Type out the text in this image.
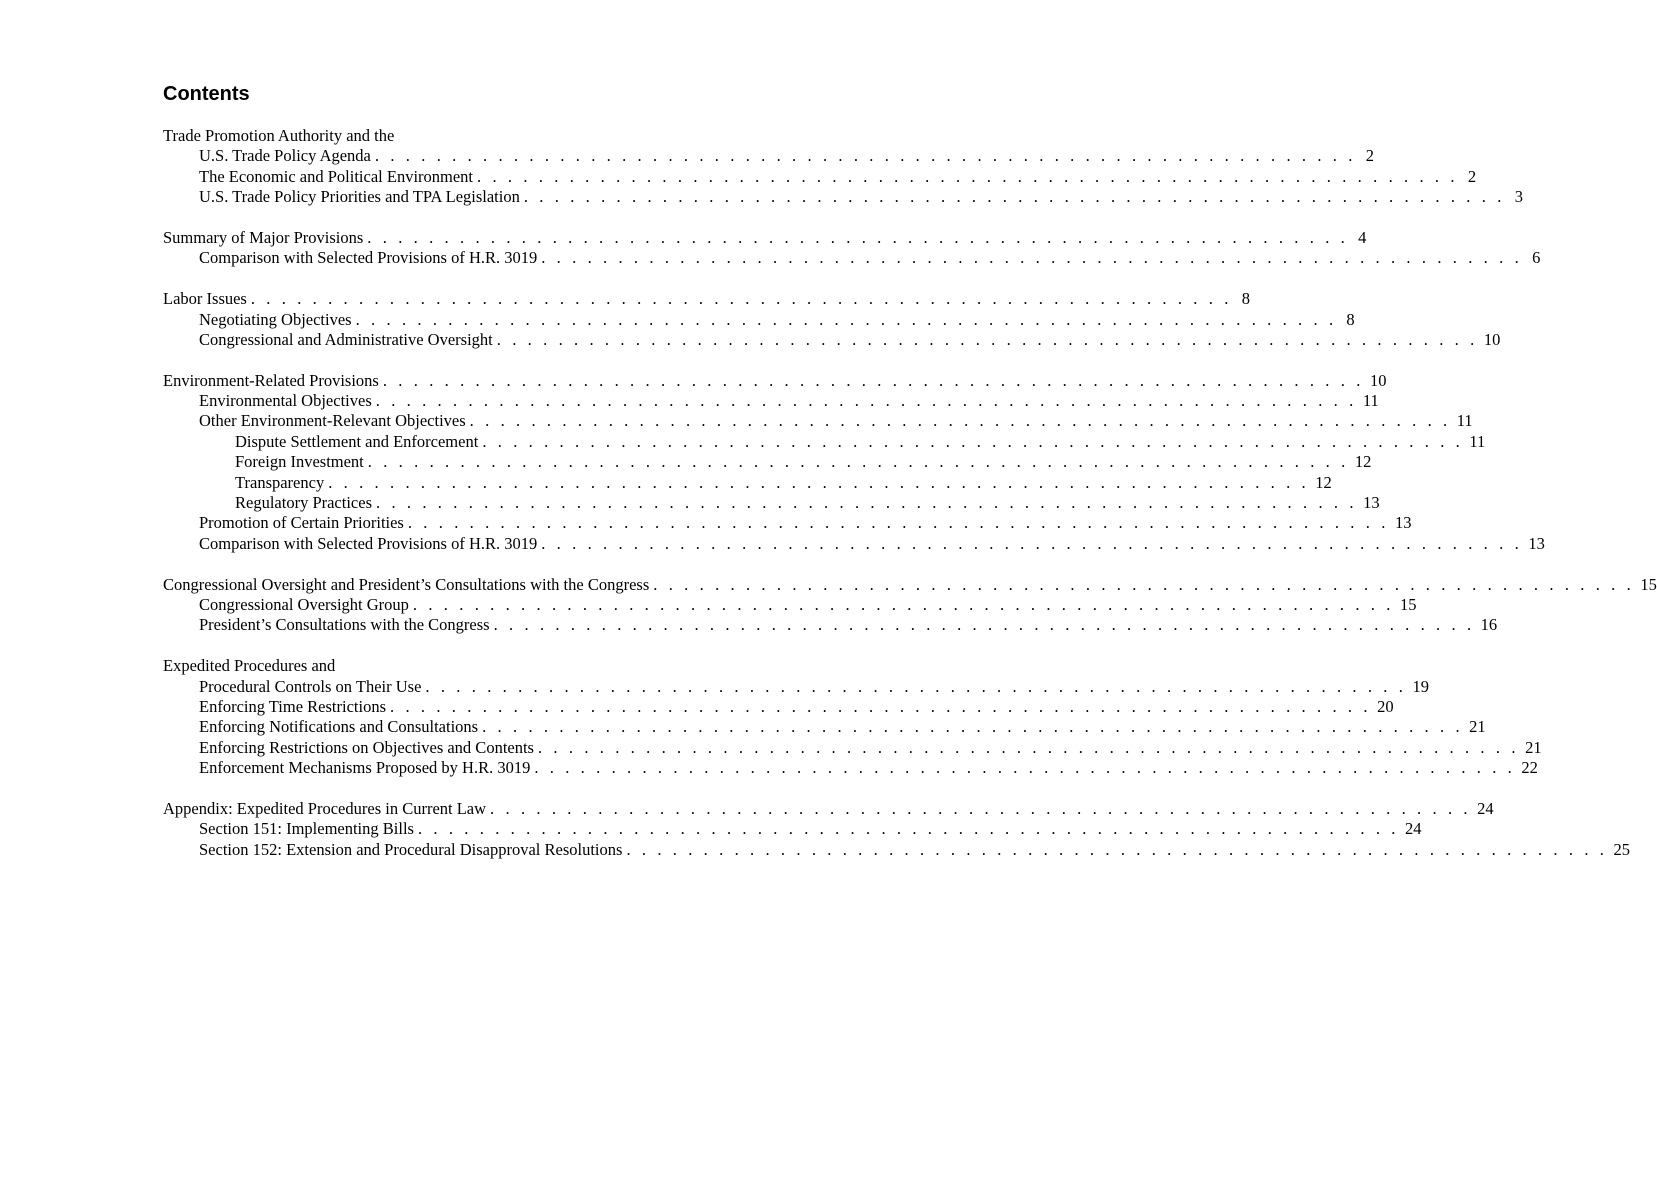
Contents
Trade Promotion Authority and the
U.S. Trade Policy Agenda . . . . . . . . . . . . . . . . . . . . . . . . . . . . . . . . . . . . . . . . . . . . . . . . . . . . . . . . . . . . . . . . 2
The Economic and Political Environment . . . . . . . . . . . . . . . . . . . . . . . . . . . . . . . . . . . . . . . . . . . . . . . . . . . . . . . . . . . . . . . . 2
U.S. Trade Policy Priorities and TPA Legislation . . . . . . . . . . . . . . . . . . . . . . . . . . . . . . . . . . . . . . . . . . . . . . . . . . . . . . . . . . . . . . . . 3
Summary of Major Provisions . . . . . . . . . . . . . . . . . . . . . . . . . . . . . . . . . . . . . . . . . . . . . . . . . . . . . . . . . . . . . . . . 4
Comparison with Selected Provisions of H.R. 3019 . . . . . . . . . . . . . . . . . . . . . . . . . . . . . . . . . . . . . . . . . . . . . . . . . . . . . . . . . . . . . . . . 6
Labor Issues . . . . . . . . . . . . . . . . . . . . . . . . . . . . . . . . . . . . . . . . . . . . . . . . . . . . . . . . . . . . . . . . 8
Negotiating Objectives . . . . . . . . . . . . . . . . . . . . . . . . . . . . . . . . . . . . . . . . . . . . . . . . . . . . . . . . . . . . . . . . 8
Congressional and Administrative Oversight . . . . . . . . . . . . . . . . . . . . . . . . . . . . . . . . . . . . . . . . . . . . . . . . . . . . . . . . . . . . . . . . 10
Environment-Related Provisions . . . . . . . . . . . . . . . . . . . . . . . . . . . . . . . . . . . . . . . . . . . . . . . . . . . . . . . . . . . . . . . . 10
Environmental Objectives . . . . . . . . . . . . . . . . . . . . . . . . . . . . . . . . . . . . . . . . . . . . . . . . . . . . . . . . . . . . . . . . 11
Other Environment-Relevant Objectives . . . . . . . . . . . . . . . . . . . . . . . . . . . . . . . . . . . . . . . . . . . . . . . . . . . . . . . . . . . . . . . . 11
Dispute Settlement and Enforcement . . . . . . . . . . . . . . . . . . . . . . . . . . . . . . . . . . . . . . . . . . . . . . . . . . . . . . . . . . . . . . . . 11
Foreign Investment . . . . . . . . . . . . . . . . . . . . . . . . . . . . . . . . . . . . . . . . . . . . . . . . . . . . . . . . . . . . . . . . 12
Transparency . . . . . . . . . . . . . . . . . . . . . . . . . . . . . . . . . . . . . . . . . . . . . . . . . . . . . . . . . . . . . . . . 12
Regulatory Practices . . . . . . . . . . . . . . . . . . . . . . . . . . . . . . . . . . . . . . . . . . . . . . . . . . . . . . . . . . . . . . . . 13
Promotion of Certain Priorities . . . . . . . . . . . . . . . . . . . . . . . . . . . . . . . . . . . . . . . . . . . . . . . . . . . . . . . . . . . . . . . . 13
Comparison with Selected Provisions of H.R. 3019 . . . . . . . . . . . . . . . . . . . . . . . . . . . . . . . . . . . . . . . . . . . . . . . . . . . . . . . . . . . . . . . . 13
Congressional Oversight and President’s Consultations with the Congress . . . . . . . . . . . . . . . . . . . . . . . . . . . . . . . . . . . . . . . . . . . . . . . . . . . . . . . . . . . . . . . . 15
Congressional Oversight Group . . . . . . . . . . . . . . . . . . . . . . . . . . . . . . . . . . . . . . . . . . . . . . . . . . . . . . . . . . . . . . . . 15
President’s Consultations with the Congress . . . . . . . . . . . . . . . . . . . . . . . . . . . . . . . . . . . . . . . . . . . . . . . . . . . . . . . . . . . . . . . . 16
Expedited Procedures and
Procedural Controls on Their Use . . . . . . . . . . . . . . . . . . . . . . . . . . . . . . . . . . . . . . . . . . . . . . . . . . . . . . . . . . . . . . . . 19
Enforcing Time Restrictions . . . . . . . . . . . . . . . . . . . . . . . . . . . . . . . . . . . . . . . . . . . . . . . . . . . . . . . . . . . . . . . . 20
Enforcing Notifications and Consultations . . . . . . . . . . . . . . . . . . . . . . . . . . . . . . . . . . . . . . . . . . . . . . . . . . . . . . . . . . . . . . . . 21
Enforcing Restrictions on Objectives and Contents . . . . . . . . . . . . . . . . . . . . . . . . . . . . . . . . . . . . . . . . . . . . . . . . . . . . . . . . . . . . . . . . 21
Enforcement Mechanisms Proposed by H.R. 3019 . . . . . . . . . . . . . . . . . . . . . . . . . . . . . . . . . . . . . . . . . . . . . . . . . . . . . . . . . . . . . . . . 22
Appendix: Expedited Procedures in Current Law . . . . . . . . . . . . . . . . . . . . . . . . . . . . . . . . . . . . . . . . . . . . . . . . . . . . . . . . . . . . . . . . 24
Section 151: Implementing Bills . . . . . . . . . . . . . . . . . . . . . . . . . . . . . . . . . . . . . . . . . . . . . . . . . . . . . . . . . . . . . . . . 24
Section 152: Extension and Procedural Disapproval Resolutions . . . . . . . . . . . . . . . . . . . . . . . . . . . . . . . . . . . . . . . . . . . . . . . . . . . . . . . . . . . . . . . . 25
